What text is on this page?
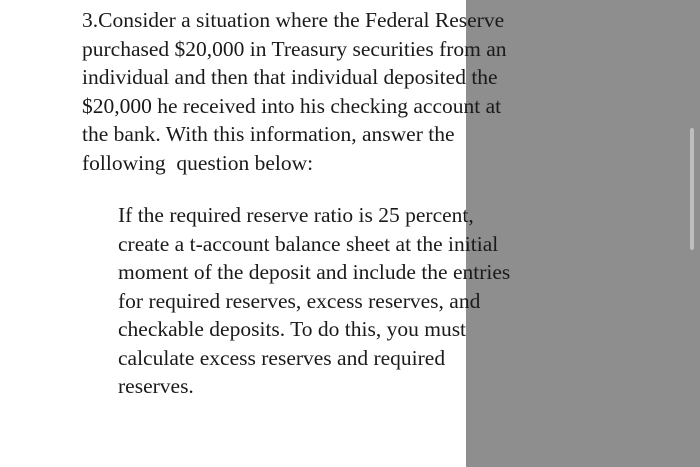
3.Consider a situation where the Federal Reserve
purchased $20,000 in Treasury securities from an
individual and then that individual deposited the
$20,000 he received into his checking account at
the bank. With this information, answer the
following  question below:
If the required reserve ratio is 25 percent,
create a t-account balance sheet at the initial
moment of the deposit and include the entries
for required reserves, excess reserves, and
checkable deposits. To do this, you must
calculate excess reserves and required
reserves.
